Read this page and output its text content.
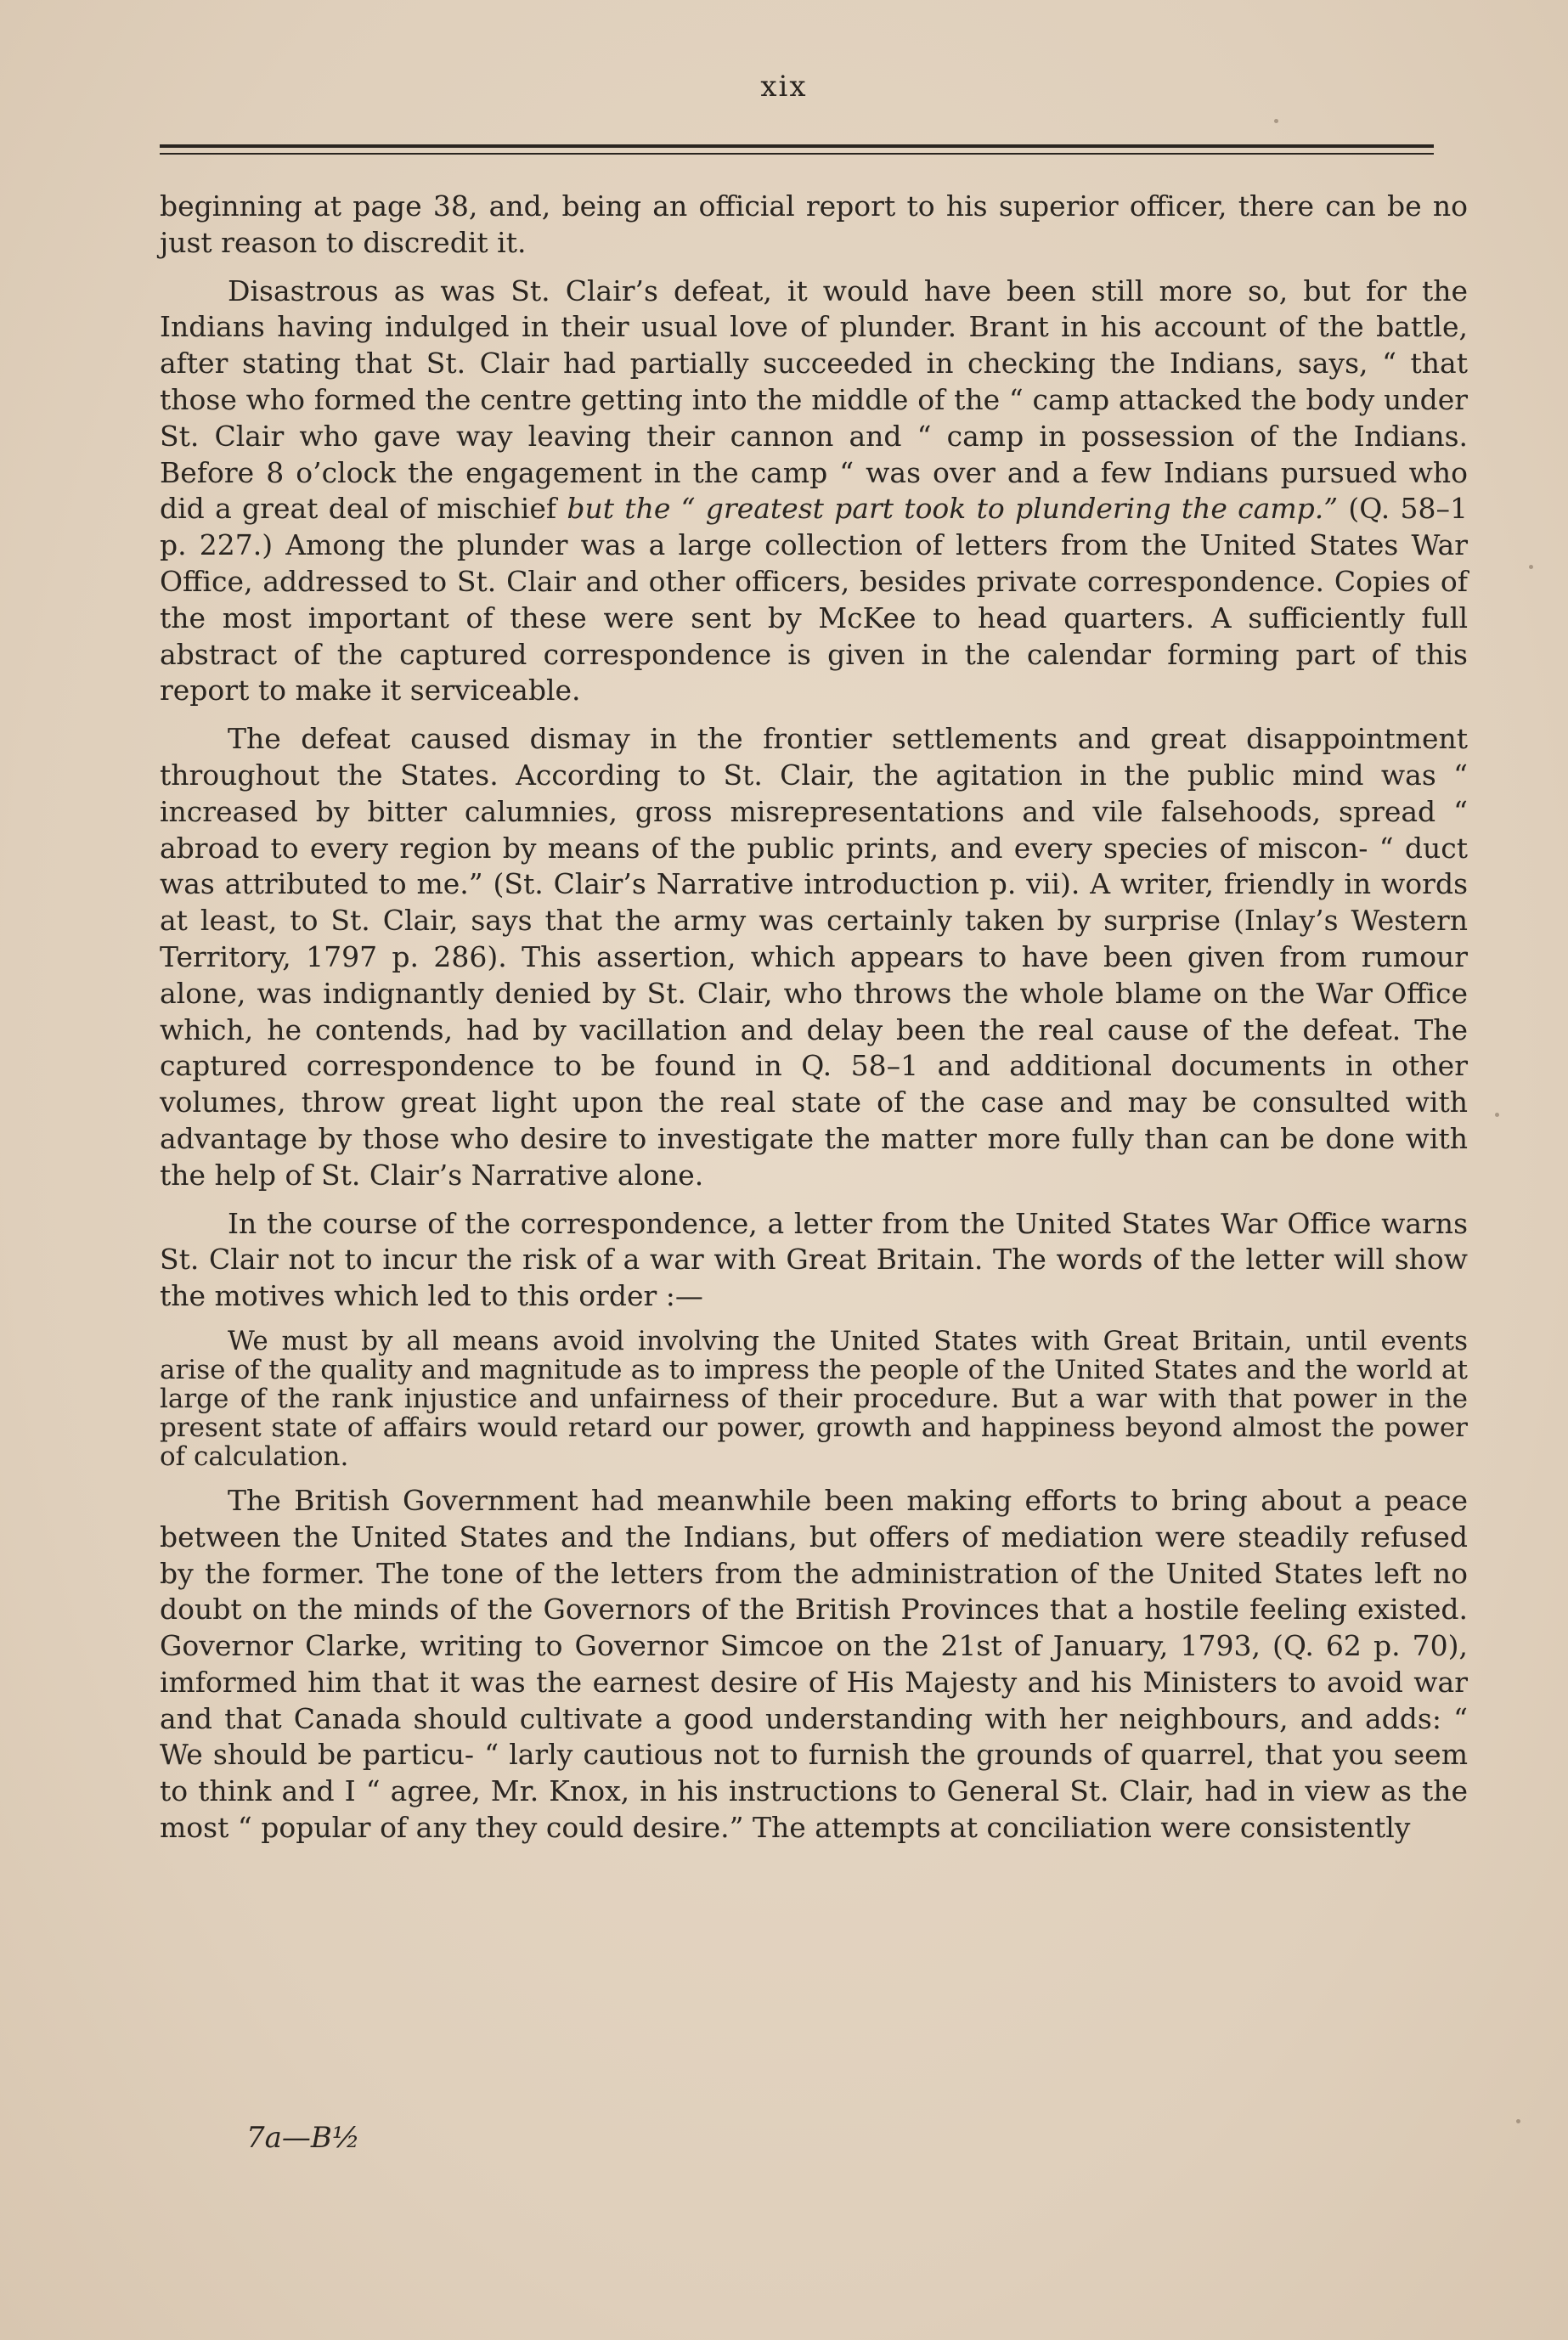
xix

beginning at page 38, and, being an official report to his superior officer, there can be no just reason to discredit it.

Disastrous as was St. Clair’s defeat, it would have been still more so, but for the Indians having indulged in their usual love of plunder. Brant in his account of the battle, after stating that St. Clair had partially succeeded in checking the Indians, says, “ that those who formed the centre getting into the middle of the “ camp attacked the body under St. Clair who gave way leaving their cannon and “ camp in possession of the Indians. Before 8 o’clock the engagement in the camp “ was over and a few Indians pursued who did a great deal of mischief but the “ greatest part took to plundering the camp.” (Q. 58–1 p. 227.) Among the plunder was a large collection of letters from the United States War Office, addressed to St. Clair and other officers, besides private correspondence. Copies of the most important of these were sent by McKee to head quarters. A sufficiently full abstract of the captured correspondence is given in the calendar forming part of this report to make it serviceable.

The defeat caused dismay in the frontier settlements and great disappointment throughout the States. According to St. Clair, the agitation in the public mind was “ increased by bitter calumnies, gross misrepresentations and vile falsehoods, spread “ abroad to every region by means of the public prints, and every species of miscon- “ duct was attributed to me.” (St. Clair’s Narrative introduction p. vii). A writer, friendly in words at least, to St. Clair, says that the army was certainly taken by surprise (Inlay’s Western Territory, 1797 p. 286). This assertion, which appears to have been given from rumour alone, was indignantly denied by St. Clair, who throws the whole blame on the War Office which, he contends, had by vacillation and delay been the real cause of the defeat. The captured correspondence to be found in Q. 58–1 and additional documents in other volumes, throw great light upon the real state of the case and may be consulted with advantage by those who desire to investigate the matter more fully than can be done with the help of St. Clair’s Narrative alone.

In the course of the correspondence, a letter from the United States War Office warns St. Clair not to incur the risk of a war with Great Britain. The words of the letter will show the motives which led to this order :—

We must by all means avoid involving the United States with Great Britain, until events arise of the quality and magnitude as to impress the people of the United States and the world at large of the rank injustice and unfairness of their procedure. But a war with that power in the present state of affairs would retard our power, growth and happiness beyond almost the power of calculation.

The British Government had meanwhile been making efforts to bring about a peace between the United States and the Indians, but offers of mediation were steadily refused by the former. The tone of the letters from the administration of the United States left no doubt on the minds of the Governors of the British Provinces that a hostile feeling existed. Governor Clarke, writing to Governor Simcoe on the 21st of January, 1793, (Q. 62 p. 70), imformed him that it was the earnest desire of His Majesty and his Ministers to avoid war and that Canada should cultivate a good understanding with her neighbours, and adds: “ We should be particu- “ larly cautious not to furnish the grounds of quarrel, that you seem to think and I “ agree, Mr. Knox, in his instructions to General St. Clair, had in view as the most “ popular of any they could desire.” The attempts at conciliation were consistently

7a—B½
